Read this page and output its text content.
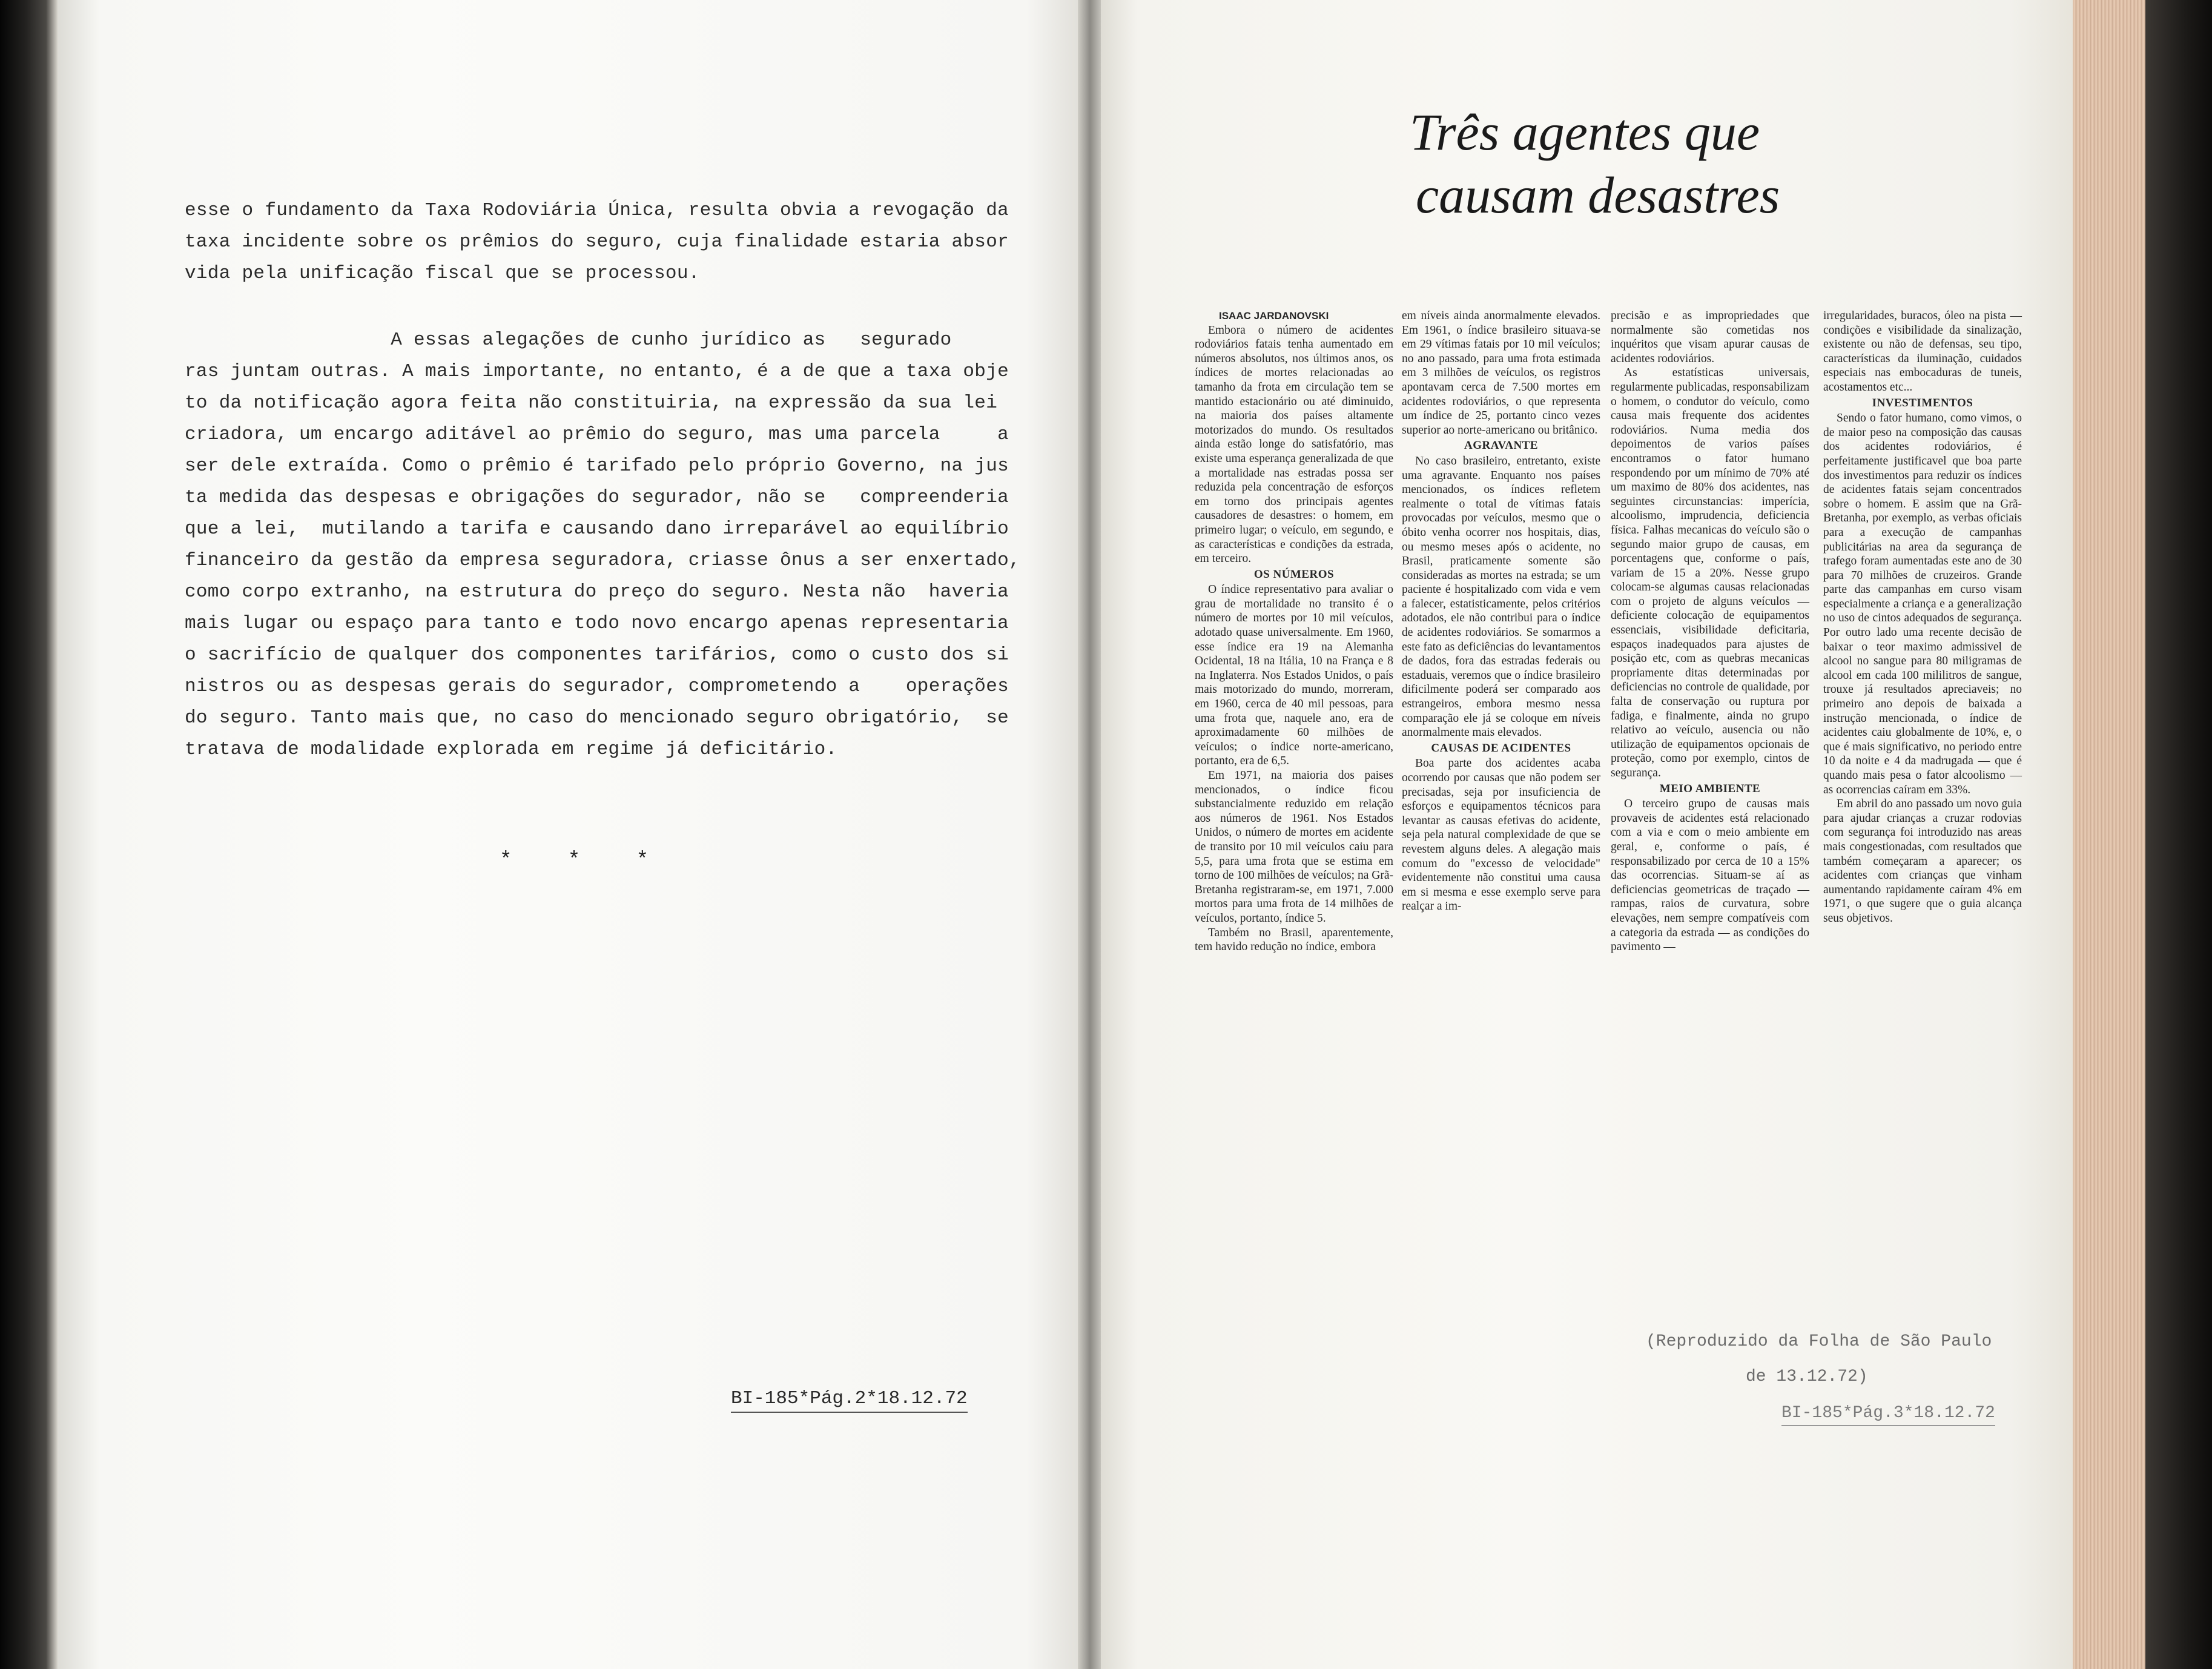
esse o fundamento da Taxa Rodoviária Única, resulta obvia a revogação da
taxa incidente sobre os prêmios do seguro, cuja finalidade estaria absor
vida pela unificação fiscal que se processou.
A essas alegações de cunho jurídico as   segurado
ras juntam outras. A mais importante, no entanto, é a de que a taxa obje
to da notificação agora feita não constituiria, na expressão da sua lei
criadora, um encargo aditável ao prêmio do seguro, mas uma parcela     a
ser dele extraída. Como o prêmio é tarifado pelo próprio Governo, na jus
ta medida das despesas e obrigações do segurador, não se   compreenderia
que a lei,  mutilando a tarifa e causando dano irreparável ao equilíbrio
financeiro da gestão da empresa seguradora, criasse ônus a ser enxertado,
como corpo extranho, na estrutura do preço do seguro. Nesta não  haveria
mais lugar ou espaço para tanto e todo novo encargo apenas representaria
o sacrifício de qualquer dos componentes tarifários, como o custo dos si
nistros ou as despesas gerais do segurador, comprometendo a    operações
do seguro. Tanto mais que, no caso do mencionado seguro obrigatório,  se
tratava de modalidade explorada em regime já deficitário.
* * *
BI-185*Pág.2*18.12.72
Três agentes que
causam desastres

ISAAC JARDANOVSKI

Embora o número de acidentes rodoviários fatais tenha aumentado em números absolutos, nos últimos anos, os índices de mortes relacionadas ao tamanho da frota em circulação tem se mantido estacionário ou até diminuido, na maioria dos países altamente motorizados do mundo. Os resultados ainda estão longe do satisfatório, mas existe uma esperança generalizada de que a mortalidade nas estradas possa ser reduzida pela concentração de esforços em torno dos principais agentes causadores de desastres: o homem, em primeiro lugar; o veículo, em segundo, e as características e condições da estrada, em terceiro.

OS NÚMEROS

O índice representativo para avaliar o grau de mortalidade no transito é o número de mortes por 10 mil veículos, adotado quase universalmente. Em 1960, esse índice era 19 na Alemanha Ocidental, 18 na Itália, 10 na França e 8 na Inglaterra. Nos Estados Unidos, o país mais motorizado do mundo, morreram, em 1960, cerca de 40 mil pessoas, para uma frota que, naquele ano, era de aproximadamente 60 milhões de veículos; o índice norte-americano, portanto, era de 6,5.

Em 1971, na maioria dos paises mencionados, o índice ficou substancialmente reduzido em relação aos números de 1961. Nos Estados Unidos, o número de mortes em acidente de transito por 10 mil veículos caiu para 5,5, para uma frota que se estima em torno de 100 milhões de veículos; na Grã-Bretanha registraram-se, em 1971, 7.000 mortos para uma frota de 14 milhões de veículos, portanto, índice 5.

Também no Brasil, aparentemente, tem havido redução no índice, embora

em níveis ainda anormalmente elevados. Em 1961, o índice brasileiro situava-se em 29 vítimas fatais por 10 mil veículos; no ano passado, para uma frota estimada em 3 milhões de veículos, os registros apontavam cerca de 7.500 mortes em acidentes rodoviários, o que representa um índice de 25, portanto cinco vezes superior ao norte-americano ou britânico.

AGRAVANTE

No caso brasileiro, entretanto, existe uma agravante. Enquanto nos países mencionados, os índices refletem realmente o total de vítimas fatais provocadas por veículos, mesmo que o óbito venha ocorrer nos hospitais, dias, ou mesmo meses após o acidente, no Brasil, praticamente somente são consideradas as mortes na estrada; se um paciente é hospitalizado com vida e vem a falecer, estatisticamente, pelos critérios adotados, ele não contribui para o índice de acidentes rodoviários. Se somarmos a este fato as deficiências do levantamentos de dados, fora das estradas federais ou estaduais, veremos que o índice brasileiro dificilmente poderá ser comparado aos estrangeiros, embora mesmo nessa comparação ele já se coloque em níveis anormalmente mais elevados.

CAUSAS DE ACIDENTES

Boa parte dos acidentes acaba ocorrendo por causas que não podem ser precisadas, seja por insuficiencia de esforços e equipamentos técnicos para levantar as causas efetivas do acidente, seja pela natural complexidade de que se revestem alguns deles. A alegação mais comum do "excesso de velocidade" evidentemente não constitui uma causa em si mesma e esse exemplo serve para realçar a im-

precisão e as impropriedades que normalmente são cometidas nos inquéritos que visam apurar causas de acidentes rodoviários.

As estatísticas universais, regularmente publicadas, responsabilizam o homem, o condutor do veículo, como causa mais frequente dos acidentes rodoviários. Numa media dos depoimentos de varios países encontramos o fator humano respondendo por um mínimo de 70% até um maximo de 80% dos acidentes, nas seguintes circunstancias: imperícia, alcoolismo, imprudencia, deficiencia física. Falhas mecanicas do veículo são o segundo maior grupo de causas, em porcentagens que, conforme o país, variam de 15 a 20%. Nesse grupo colocam-se algumas causas relacionadas com o projeto de alguns veículos — deficiente colocação de equipamentos essenciais, visibilidade deficitaria, espaços inadequados para ajustes de posição etc, com as quebras mecanicas propriamente ditas determinadas por deficiencias no controle de qualidade, por falta de conservação ou ruptura por fadiga, e finalmente, ainda no grupo relativo ao veículo, ausencia ou não utilização de equipamentos opcionais de proteção, como por exemplo, cintos de segurança.

MEIO AMBIENTE

O terceiro grupo de causas mais provaveis de acidentes está relacionado com a via e com o meio ambiente em geral, e, conforme o país, é responsabilizado por cerca de 10 a 15% das ocorrencias. Situam-se aí as deficiencias geometricas de traçado — rampas, raios de curvatura, sobre elevações, nem sempre compatíveis com a categoria da estrada — as condições do pavimento —

irregularidades, buracos, óleo na pista — condições e visibilidade da sinalização, existente ou não de defensas, seu tipo, características da iluminação, cuidados especiais nas embocaduras de tuneis, acostamentos etc...

INVESTIMENTOS

Sendo o fator humano, como vimos, o de maior peso na composição das causas dos acidentes rodoviários, é perfeitamente justificavel que boa parte dos investimentos para reduzir os índices de acidentes fatais sejam concentrados sobre o homem. E assim que na Grã-Bretanha, por exemplo, as verbas oficiais para a execução de campanhas publicitárias na area da segurança de trafego foram aumentadas este ano de 30 para 70 milhões de cruzeiros. Grande parte das campanhas em curso visam especialmente a criança e a generalização no uso de cintos adequados de segurança. Por outro lado uma recente decisão de baixar o teor maximo admissivel de alcool no sangue para 80 miligramas de alcool em cada 100 mililitros de sangue, trouxe já resultados apreciaveis; no primeiro ano depois de baixada a instrução mencionada, o índice de acidentes caiu globalmente de 10%, e, o que é mais significativo, no periodo entre 10 da noite e 4 da madrugada — que é quando mais pesa o fator alcoolismo — as ocorrencias caíram em 33%.

Em abril do ano passado um novo guia para ajudar crianças a cruzar rodovias com segurança foi introduzido nas areas mais congestionadas, com resultados que também começaram a aparecer; os acidentes com crianças que vinham aumentando rapidamente caíram 4% em 1971, o que sugere que o guia alcança seus objetivos.

(Reproduzido da Folha de São Paulo
de 13.12.72)
BI-185*Pág.3*18.12.72
